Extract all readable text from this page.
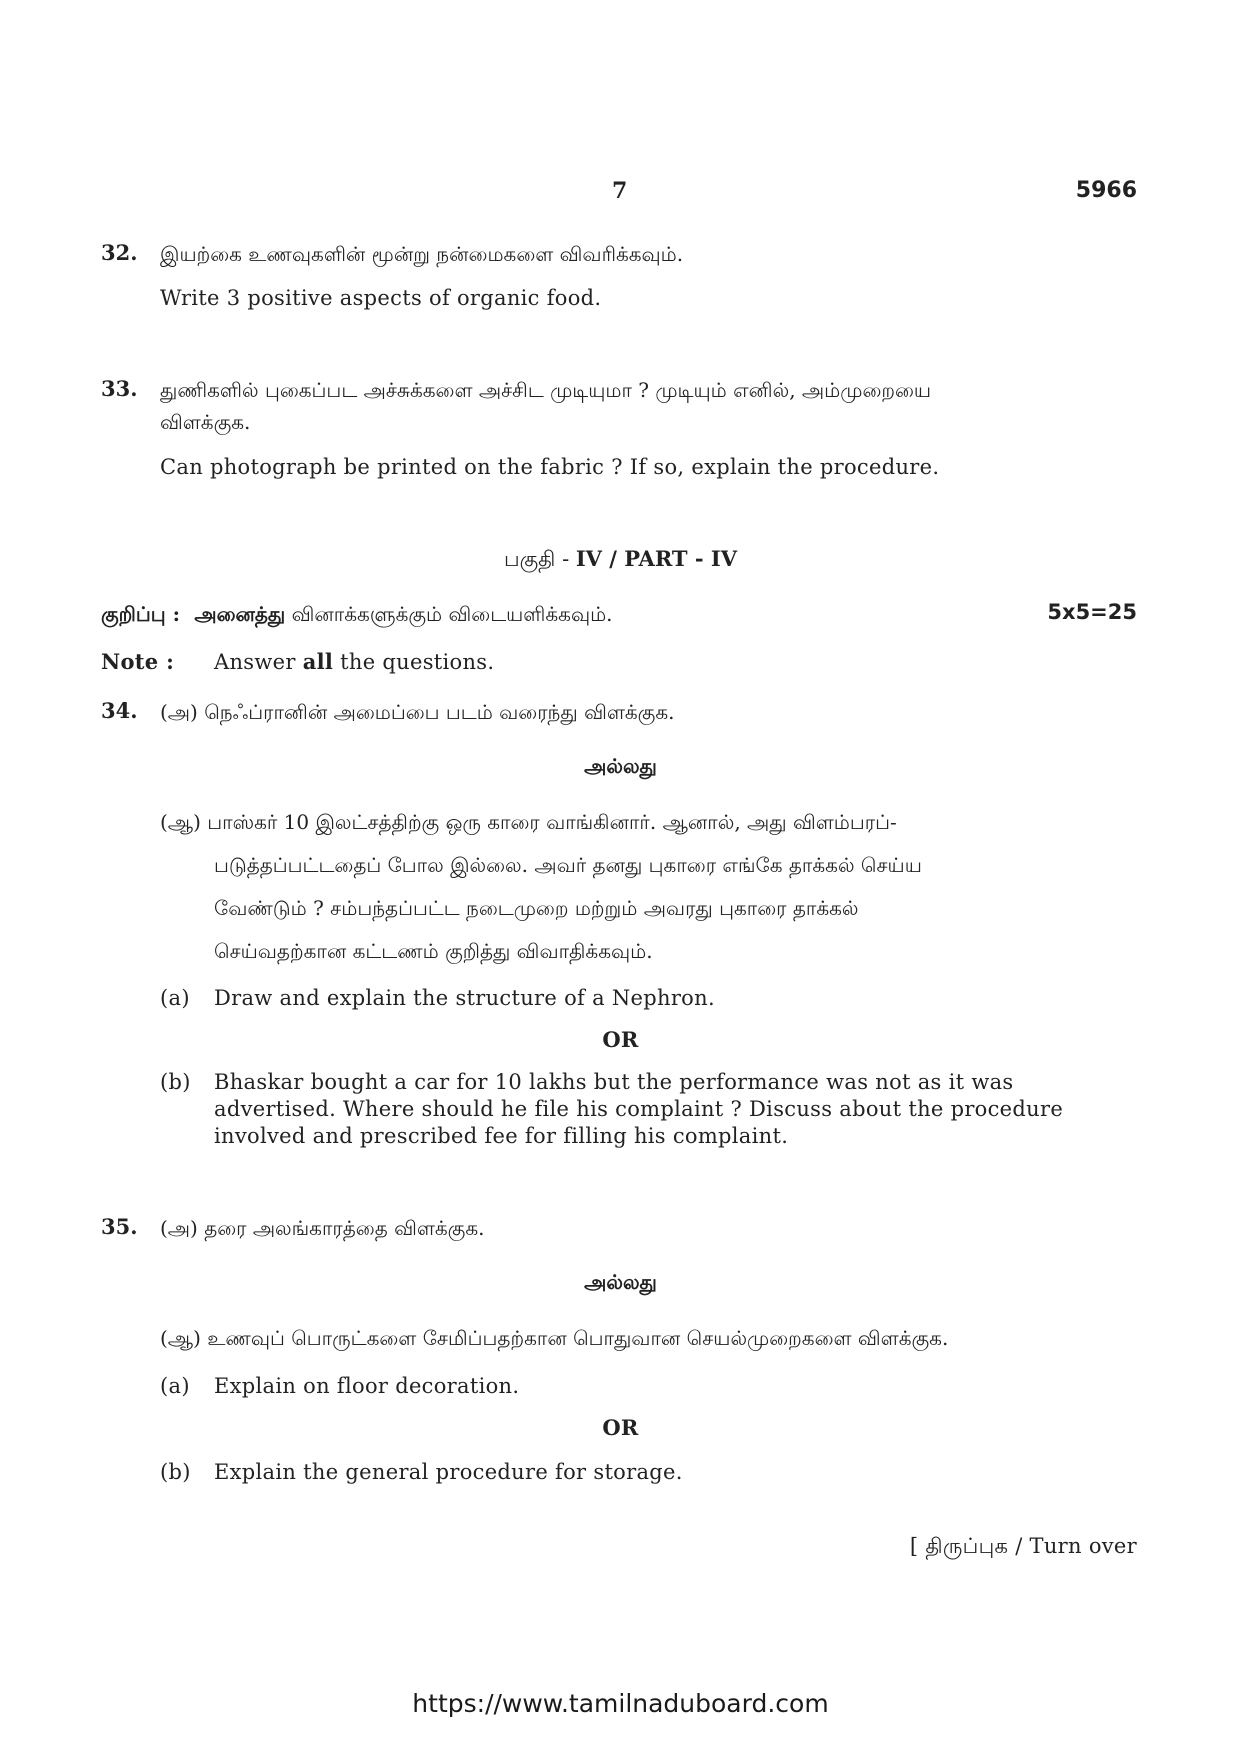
7	5966
32. இயற்கை உணவுகளின் மூன்று நன்மைகளை விவரிக்கவும்.
Write 3 positive aspects of organic food.
33. துணிகளில் புகைப்பட அச்சுக்களை அச்சிட முடியுமா ? முடியும் எனில், அம்முறையை
விளக்குக.
Can photograph be printed on the fabric ? If so, explain the procedure.
பகுதி - IV / PART - IV
குறிப்பு : அனைத்து வினாக்களுக்கும் விடையளிக்கவும்.	5x5=25
Note : Answer all the questions.
34. (அ) நெஃப்ரானின் அமைப்பை படம் வரைந்து விளக்குக.
அல்லது
(ஆ) பாஸ்கர் 10 இலட்சத்திற்கு ஒரு காரை வாங்கினார். ஆனால், அது விளம்பரப்-
படுத்தப்பட்டதைப் போல இல்லை. அவர் தனது புகாரை எங்கே தாக்கல் செய்ய
வேண்டும் ? சம்பந்தப்பட்ட நடைமுறை மற்றும் அவரது புகாரை தாக்கல்
செய்வதற்கான கட்டணம் குறித்து விவாதிக்கவும்.
(a) Draw and explain the structure of a Nephron.
OR
(b) Bhaskar bought a car for 10 lakhs but the performance was not as it was
advertised. Where should he file his complaint ? Discuss about the procedure
involved and prescribed fee for filling his complaint.
35. (அ) தரை அலங்காரத்தை விளக்குக.
அல்லது
(ஆ) உணவுப் பொருட்களை சேமிப்பதற்கான பொதுவான செயல்முறைகளை விளக்குக.
(a) Explain on floor decoration.
OR
(b) Explain the general procedure for storage.
[ திருப்புக / Turn over
https://www.tamilnaduboard.com
